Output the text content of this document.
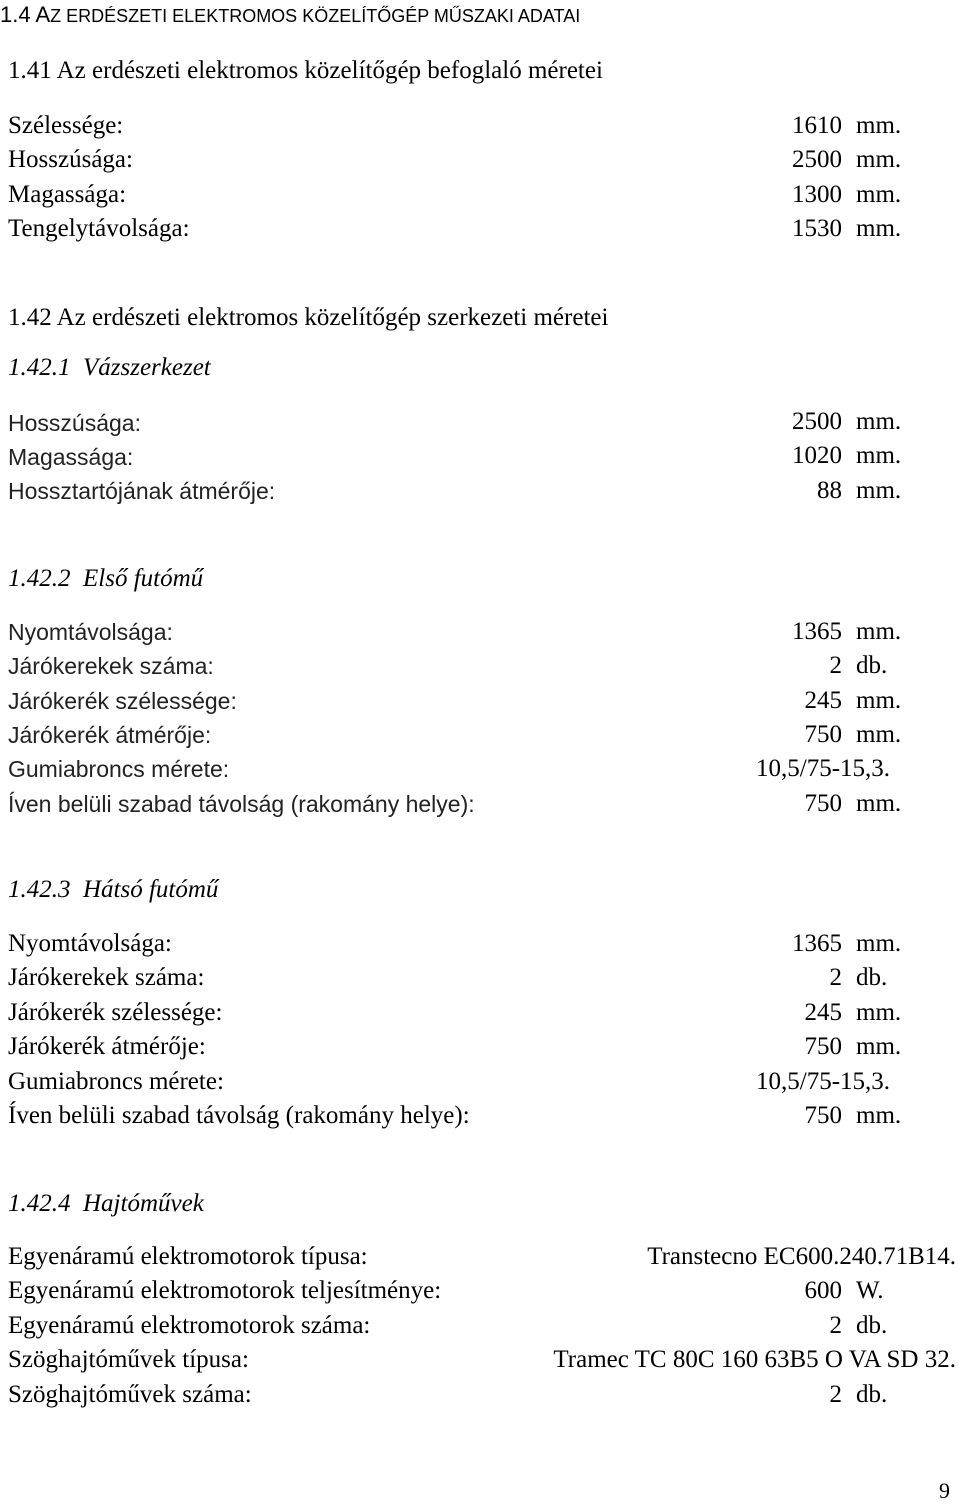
1.4 AZ ERDÉSZETI ELEKTROMOS KÖZELÍTŐGÉP MŰSZAKI ADATAI
1.41 Az erdészeti elektromos közelítőgép befoglaló méretei
Szélessége:	1610 mm.
Hosszúsága:	2500 mm.
Magassága:	1300 mm.
Tengelytávolsága:	1530 mm.
1.42 Az erdészeti elektromos közelítőgép szerkezeti méretei
1.42.1 Vázszerkezet
Hosszúsága:	2500 mm.
Magassága:	1020 mm.
Hossztartójának átmérője:	88 mm.
1.42.2 Első futómű
Nyomtávolsága:	1365 mm.
Járókerekek száma:	2 db.
Járókerék szélessége:	245 mm.
Járókerék átmérője:	750 mm.
Gumiabroncs mérete:	10,5/75-15,3.
Íven belüli szabad távolság (rakomány helye):	750 mm.
1.42.3 Hátsó futómű
Nyomtávolsága:	1365 mm.
Járókerekek száma:	2 db.
Járókerék szélessége:	245 mm.
Járókerék átmérője:	750 mm.
Gumiabroncs mérete:	10,5/75-15,3.
Íven belüli szabad távolság (rakomány helye):	750 mm.
1.42.4 Hajtóművek
Egyenáramú elektromotorok típusa:	Transtecno EC600.240.71B14.
Egyenáramú elektromotorok teljesítménye:	600 W.
Egyenáramú elektromotorok száma:	2 db.
Szöghajtóművek típusa:	Tramec TC 80C 160 63B5 O VA SD 32.
Szöghajtóművek száma:	2 db.
9
